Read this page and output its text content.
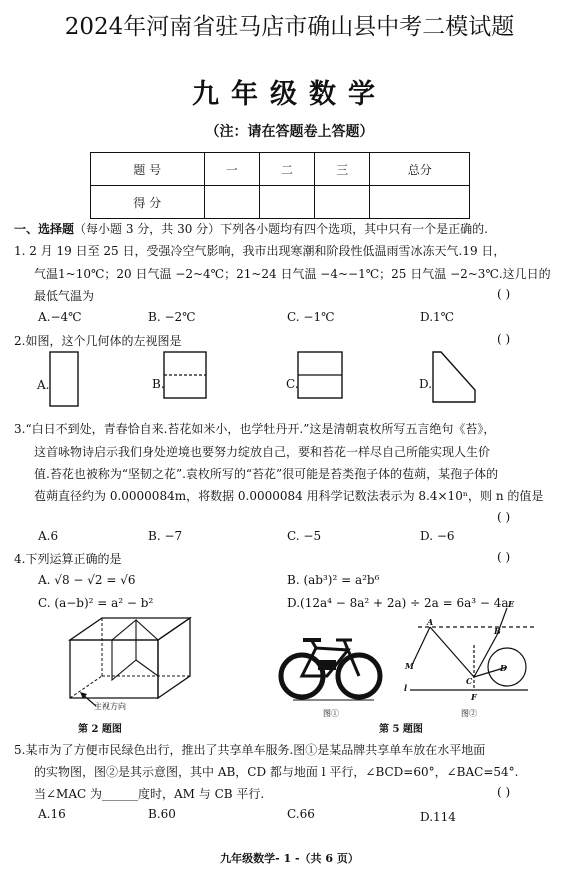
2024年河南省驻马店市确山县中考二模试题
九年级数学
（注：请在答题卷上答题）
题 号	一	二	三	总分
得 分				
一、选择题（每小题 3 分，共 30 分）下列各小题均有四个选项，其中只有一个是正确的.
1. 2 月 19 日至 25 日，受强冷空气影响，我市出现寒潮和阶段性低温雨雪冰冻天气.19 日，
气温1~10℃；20 日气温 −2~4℃；21~24 日气温 −4~−1℃；25 日气温 −2~3℃.这几日的
最低气温为	( )
A.−4℃	B. −2℃	C. −1℃	D.1℃
2.如图，这个几何体的左视图是	( )
A.	B.	C.	D.
3.“白日不到处，青春恰自来.苔花如米小，也学牡丹开.”这是清朝袁枚所写五言绝句《苔》，
这首咏物诗启示我们身处逆境也要努力绽放自己，要和苔花一样尽自己所能实现人生价
值.苔花也被称为“坚韧之花”.袁枚所写的“苔花”很可能是苔类孢子体的苞蒴，某孢子体的
苞蒴直径约为 0.0000084m，将数据 0.0000084 用科学记数法表示为 8.4×10ⁿ，则 n 的值是
( )
A.6	B. −7	C. −5	D. −6
4.下列运算正确的是	( )
A. √8 − √2 = √6	B. (ab³)² = a²b⁶
C. (a−b)² = a² − b²	D.(12a⁴ − 8a² + 2a) ÷ 2a = 6a³ − 4a
A
B
C
D
E
F
M
l
主视方向
第 2 题图
图①
第 5 题图
图②
5.某市为了方便市民绿色出行，推出了共享单车服务.图①是某品牌共享单车放在水平地面
的实物图，图②是其示意图，其中 AB，CD 都与地面 l 平行，∠BCD=60°，∠BAC=54°.
当∠MAC 为______度时，AM 与 CB 平行.	( )
A.16	B.60	C.66	D.114
九年级数学- 1 -（共 6 页）
